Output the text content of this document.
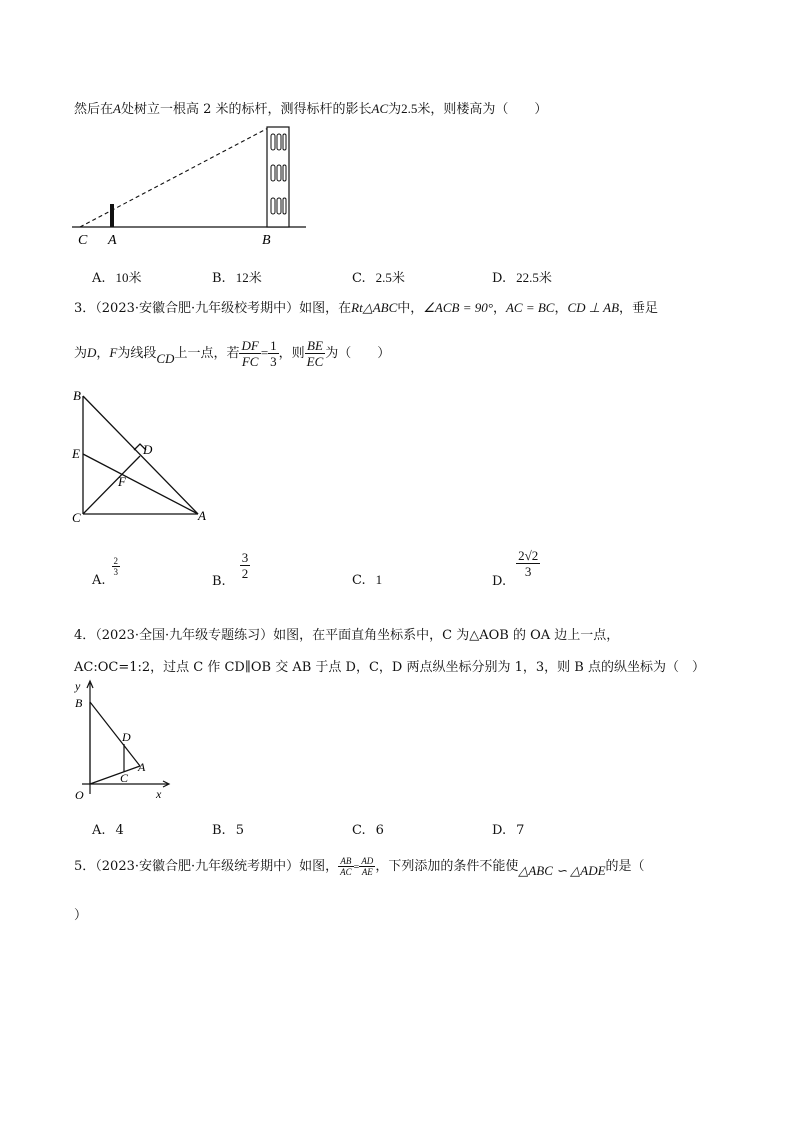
然后在A处树立一根高 2 米的标杆，测得标杆的影长AC为2.5米，则楼高为（　　）
C A	B
A. 10米	B. 12米	C. 2.5米	D. 22.5米
3．（2023·安徽合肥·九年级校考期中）如图，在Rt△ABC中，∠ACB = 90°，AC = BC，CD ⊥ AB，垂足
为D，F为线段CD上一点，若 $\frac{DF}{FC} = \frac{1}{3}$ ，则 $\frac{BE}{EC}$ 为（　　）
B
E	D
F
C	A
A.
$\frac{2}{3}$
B.
$\frac{3}{2}$	C. 1	D.
$\frac{2√2}{3}$
4．（2023·全国·九年级专题练习）如图，在平面直角坐标系中，C 为△AOB 的 OA 边上一点，
AC:OC=1:2，过点 C 作 CD∥OB 交 AB 于点 D，C，D 两点纵坐标分别为 1，3，则 B 点的纵坐标为（　）
y
B
D
A
C
O	x
A. 4	B. 5	C. 6	D. 7
5．（2023·安徽合肥·九年级统考期中）如图， $\frac{AB}{AC} = \frac{AD}{AE}$ ，下列添加的条件不能使△ABC ∽ △ADE的是（
）
